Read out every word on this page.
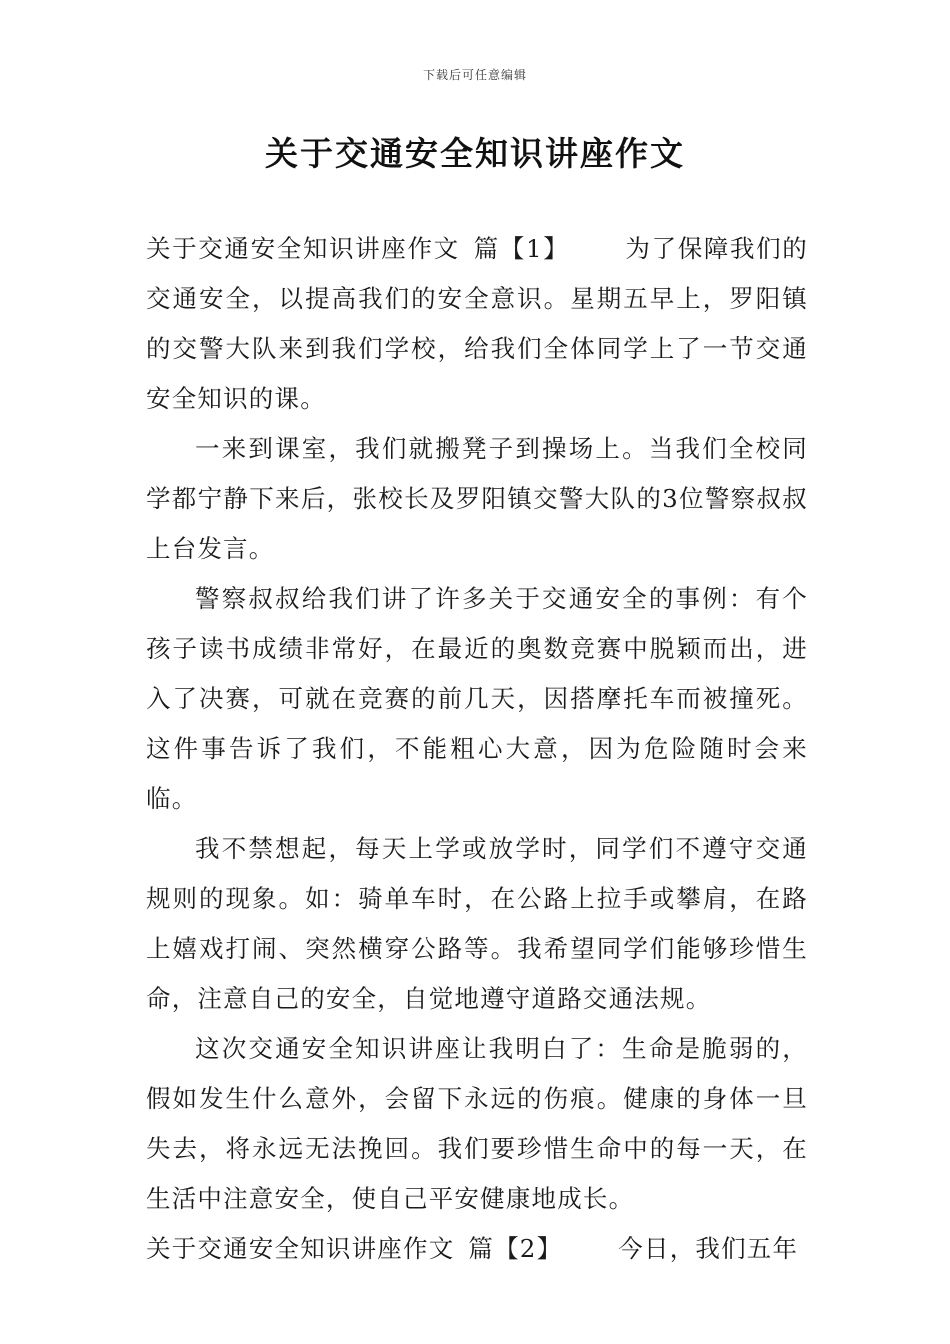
下载后可任意编辑
关于交通安全知识讲座作文

关于交通安全知识讲座作文 篇【1】 为了保障我们的交通安全，以提高我们的安全意识。星期五早上，罗阳镇的交警大队来到我们学校，给我们全体同学上了一节交通安全知识的课。

一来到课室，我们就搬凳子到操场上。当我们全校同学都宁静下来后，张校长及罗阳镇交警大队的3位警察叔叔上台发言。

警察叔叔给我们讲了许多关于交通安全的事例：有个孩子读书成绩非常好，在最近的奥数竞赛中脱颖而出，进入了决赛，可就在竞赛的前几天，因搭摩托车而被撞死。这件事告诉了我们，不能粗心大意，因为危险随时会来临。

我不禁想起，每天上学或放学时，同学们不遵守交通规则的现象。如：骑单车时，在公路上拉手或攀肩，在路上嬉戏打闹、突然横穿公路等。我希望同学们能够珍惜生命，注意自己的安全，自觉地遵守道路交通法规。

这次交通安全知识讲座让我明白了：生命是脆弱的，假如发生什么意外，会留下永远的伤痕。健康的身体一旦失去，将永远无法挽回。我们要珍惜生命中的每一天，在生活中注意安全，使自己平安健康地成长。

关于交通安全知识讲座作文 篇【2】 今日，我们五年
